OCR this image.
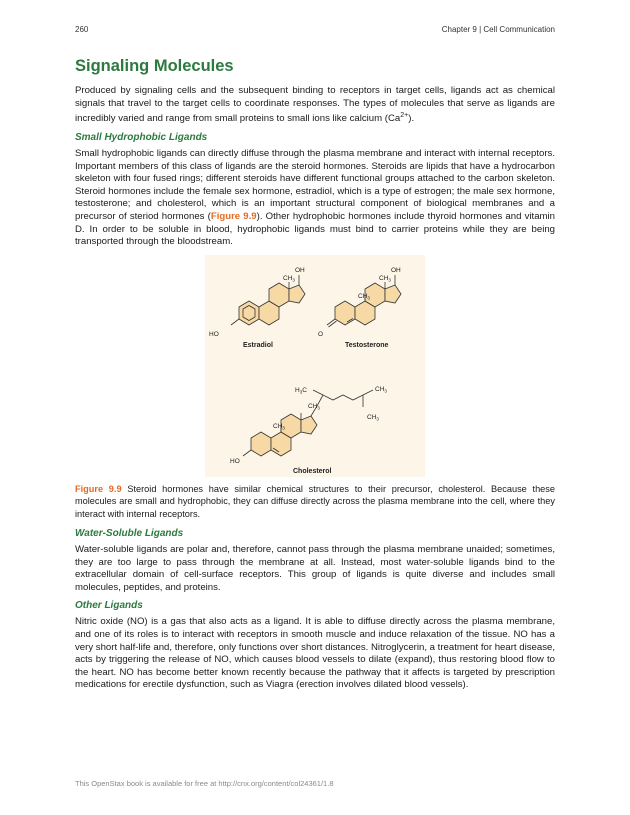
260	Chapter 9 | Cell Communication
Signaling Molecules

Produced by signaling cells and the subsequent binding to receptors in target cells, ligands act as chemical signals that travel to the target cells to coordinate responses. The types of molecules that serve as ligands are incredibly varied and range from small proteins to small ions like calcium $(Ca^{2+})$.

Small Hydrophobic Ligands

Small hydrophobic ligands can directly diffuse through the plasma membrane and interact with internal receptors. Important members of this class of ligands are the steroid hormones. Steroids are lipids that have a hydrocarbon skeleton with four fused rings; different steroids have different functional groups attached to the carbon skeleton. Steroid hormones include the female sex hormone, estradiol, which is a type of estrogen; the male sex hormone, testosterone; and cholesterol, which is an important structural component of biological membranes and a precursor of steriod hormones (Figure 9.9). Other hydrophobic hormones include thyroid hormones and vitamin D. In order to be soluble in blood, hydrophobic ligands must bind to carrier proteins while they are being transported through the bloodstream.

OH
$CH_3$
HO
Estradiol
OH
$CH_3$
$CH_3$
O
Testosterone
$H_3C$	$CH_3$
$CH_3$
$CH_3$
$CH_3$
HO
Cholesterol

Figure 9.9 Steroid hormones have similar chemical structures to their precursor, cholesterol. Because these molecules are small and hydrophobic, they can diffuse directly across the plasma membrane into the cell, where they interact with internal receptors.

Water-Soluble Ligands

Water-soluble ligands are polar and, therefore, cannot pass through the plasma membrane unaided; sometimes, they are too large to pass through the membrane at all. Instead, most water-soluble ligands bind to the extracellular domain of cell-surface receptors. This group of ligands is quite diverse and includes small molecules, peptides, and proteins.

Other Ligands

Nitric oxide (NO) is a gas that also acts as a ligand. It is able to diffuse directly across the plasma membrane, and one of its roles is to interact with receptors in smooth muscle and induce relaxation of the tissue. NO has a very short half-life and, therefore, only functions over short distances. Nitroglycerin, a treatment for heart disease, acts by triggering the release of NO, which causes blood vessels to dilate (expand), thus restoring blood flow to the heart. NO has become better known recently because the pathway that it affects is targeted by prescription medications for erectile dysfunction, such as Viagra (erection involves dilated blood vessels).

This OpenStax book is available for free at http://cnx.org/content/col24361/1.8
